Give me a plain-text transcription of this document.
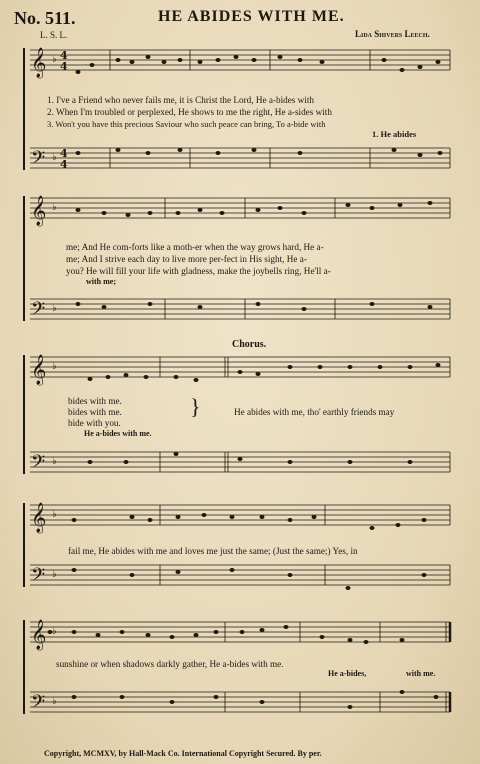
No. 511.	HE ABIDES WITH ME.
L. S. L.	Lida Shivers Leech.
𝄞
𝄢
𝄞
𝄢
𝄞
𝄢
𝄞
𝄢
𝄞
𝄢
♭
♭
♭
♭
♭
♭
♭
♭
♭
♭
4
4
4
4
1. I've a Friend who never fails me, it is Christ the Lord, He a-bides with
2. When I'm troubled or perplexed, He shows to me the right, He a-sides with
3. Won't you have this precious Saviour who such peace can bring, To a-bide with
1. He abides
me; And He com-forts like a moth-er when the way grows hard, He a-
me; And I strive each day to live more per-fect in His sight, He a-
you? He will fill your life with gladness, make the joybells ring, He'll a-
with me;
Chorus.
bides with me.
bides with me.
bide with you.
}	He abides with me, tho' earthly friends may
He a-bides with me.
fail me, He abides with me and loves me just the same; (Just the same;) Yes, in
sunshine or when shadows darkly gather, He a-bides with me.
He a-bides,	with me.
Copyright, MCMXV, by Hall-Mack Co. International Copyright Secured. By per.
